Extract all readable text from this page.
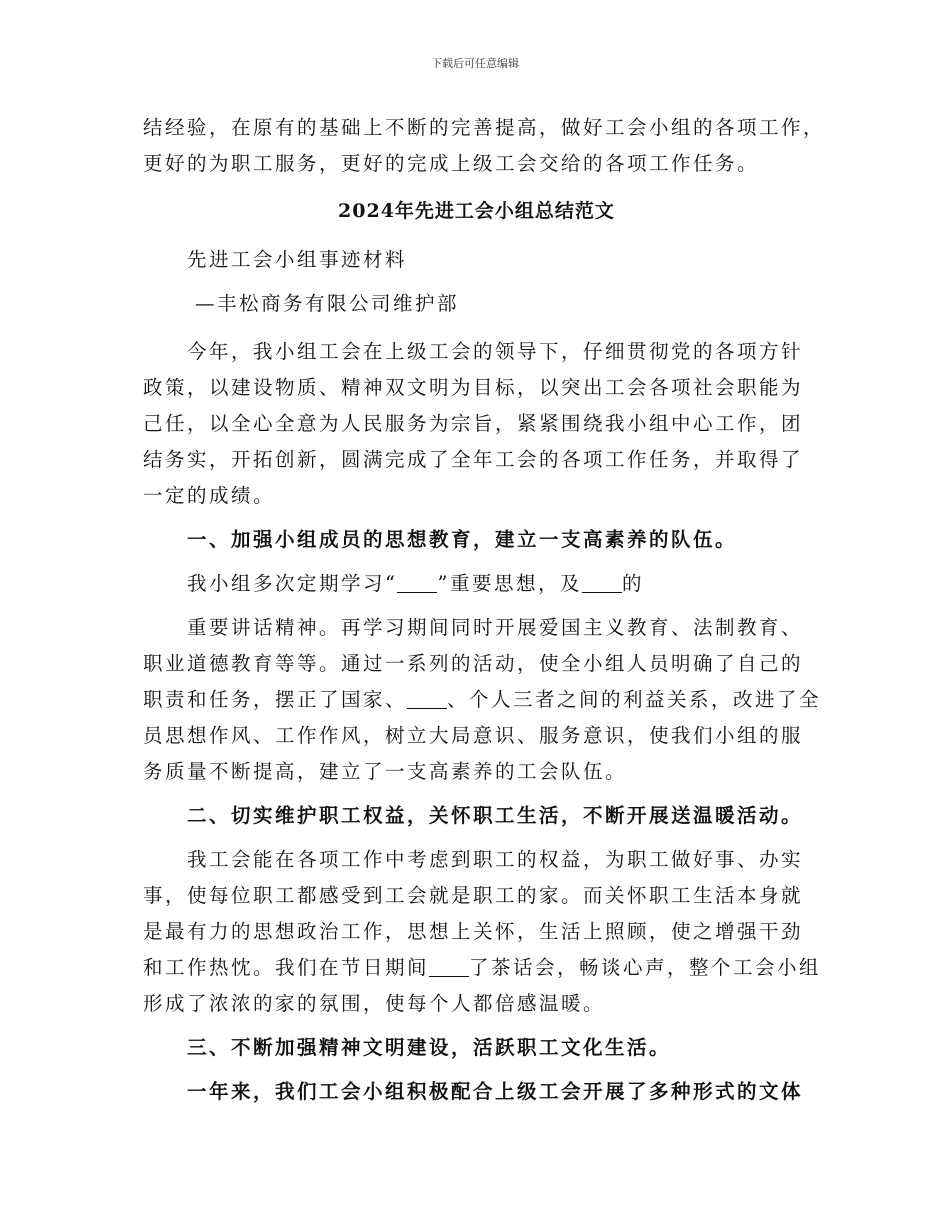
下载后可任意编辑
结经验，在原有的基础上不断的完善提高，做好工会小组的各项工作，
更好的为职工服务，更好的完成上级工会交给的各项工作任务。
2024年先进工会小组总结范文
先进工会小组事迹材料
—丰松商务有限公司维护部
今年，我小组工会在上级工会的领导下，仔细贯彻党的各项方针
政策，以建设物质、精神双文明为目标，以突出工会各项社会职能为
己任，以全心全意为人民服务为宗旨，紧紧围绕我小组中心工作，团
结务实，开拓创新，圆满完成了全年工会的各项工作任务，并取得了
一定的成绩。
一、加强小组成员的思想教育，建立一支高素养的队伍。
我小组多次定期学习“ ”重要思想，及 的
重要讲话精神。再学习期间同时开展爱国主义教育、法制教育、
职业道德教育等等。通过一系列的活动，使全小组人员明确了自己的
职责和任务，摆正了国家、 、个人三者之间的利益关系，改进了全
员思想作风、工作作风，树立大局意识、服务意识，使我们小组的服
务质量不断提高，建立了一支高素养的工会队伍。
二、切实维护职工权益，关怀职工生活，不断开展送温暖活动。
我工会能在各项工作中考虑到职工的权益，为职工做好事、办实
事，使每位职工都感受到工会就是职工的家。而关怀职工生活本身就
是最有力的思想政治工作，思想上关怀，生活上照顾，使之增强干劲
和工作热忱。我们在节日期间 了茶话会，畅谈心声，整个工会小组
形成了浓浓的家的氛围，使每个人都倍感温暖。
三、不断加强精神文明建设，活跃职工文化生活。
一年来，我们工会小组积极配合上级工会开展了多种形式的文体
